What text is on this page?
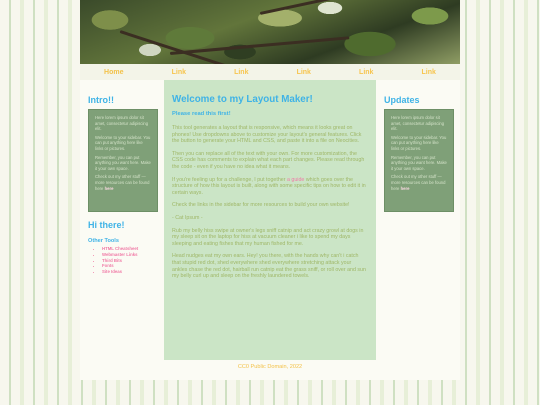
Home	Link	Link	Link	Link	Link
Intro!!

Here lorem ipsum dolor sit amet, consectetur adipiscing elit.

Welcome to your sidebar. You can put anything here like links or pictures.

Remember, you can put anything you want here. Make it your own space.

Check out my other stuff — more resources can be found here here

Hi there!
Other Tools
• HTML Cheatsheet
• Webmaster Links
• Third Bits
• Fonts
• Site Ideas
Welcome to my Layout Maker!
Please read this first!

This tool generates a layout that is responsive, which means it looks great on phones! Use dropdowns above to customize your layout's general features. Click the button to generate your HTML and CSS, and paste it into a file on Neocities.

Then you can replace all of the text with your own. For more customization, the CSS code has comments to explain what each part changes. Please read through the code - even if you have no idea what it means.

If you're feeling up for a challenge, I put together a guide which goes over the structure of how this layout is built, along with some specific tips on how to edit it in certain ways.

Check the links in the sidebar for more resources to build your own website!

- Cat Ipsum -

Rub my belly hiss swipe at owner's legs sniff catnip and act crazy growl at dogs in my sleep sit on the laptop for hiss at vacuum cleaner i like to spend my days sleeping and eating fishes that my human fished for me.

Head nudges eat my own ears. Hey! you there, with the hands why can't i catch that stupid red dot, shed everywhere shed everywhere stretching attack your ankles chase the red dot, hairball run catnip eat the grass sniff, or roll over and sun my belly curl up and sleep on the freshly laundered towels.

Updates

Here lorem ipsum dolor sit amet, consectetur adipiscing elit.

Welcome to your sidebar. You can put anything here like links or pictures.

Remember, you can put anything you want here. Make it your own space.

Check out my other stuff — more resources can be found here here

CC0 Public Domain, 2022
